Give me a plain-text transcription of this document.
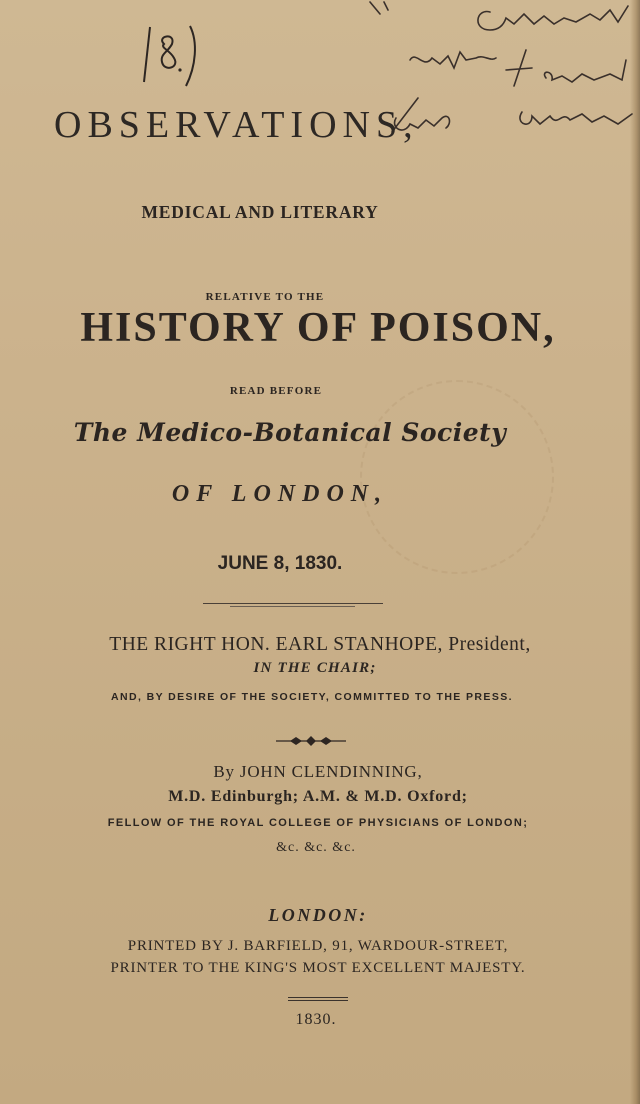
OBSERVATIONS,
MEDICAL AND LITERARY
RELATIVE TO THE
HISTORY OF POISON,
READ BEFORE
The Medico-Botanical Society
OF LONDON,
JUNE 8, 1830.
THE RIGHT HON. EARL STANHOPE, President,
IN THE CHAIR;
AND, BY DESIRE OF THE SOCIETY, COMMITTED TO THE PRESS.
By JOHN CLENDINNING,
M.D. Edinburgh; A.M. & M.D. Oxford;
FELLOW OF THE ROYAL COLLEGE OF PHYSICIANS OF LONDON;
&c. &c. &c.
LONDON:
PRINTED BY J. BARFIELD, 91, WARDOUR-STREET,
PRINTER TO THE KING'S MOST EXCELLENT MAJESTY.
1830.
